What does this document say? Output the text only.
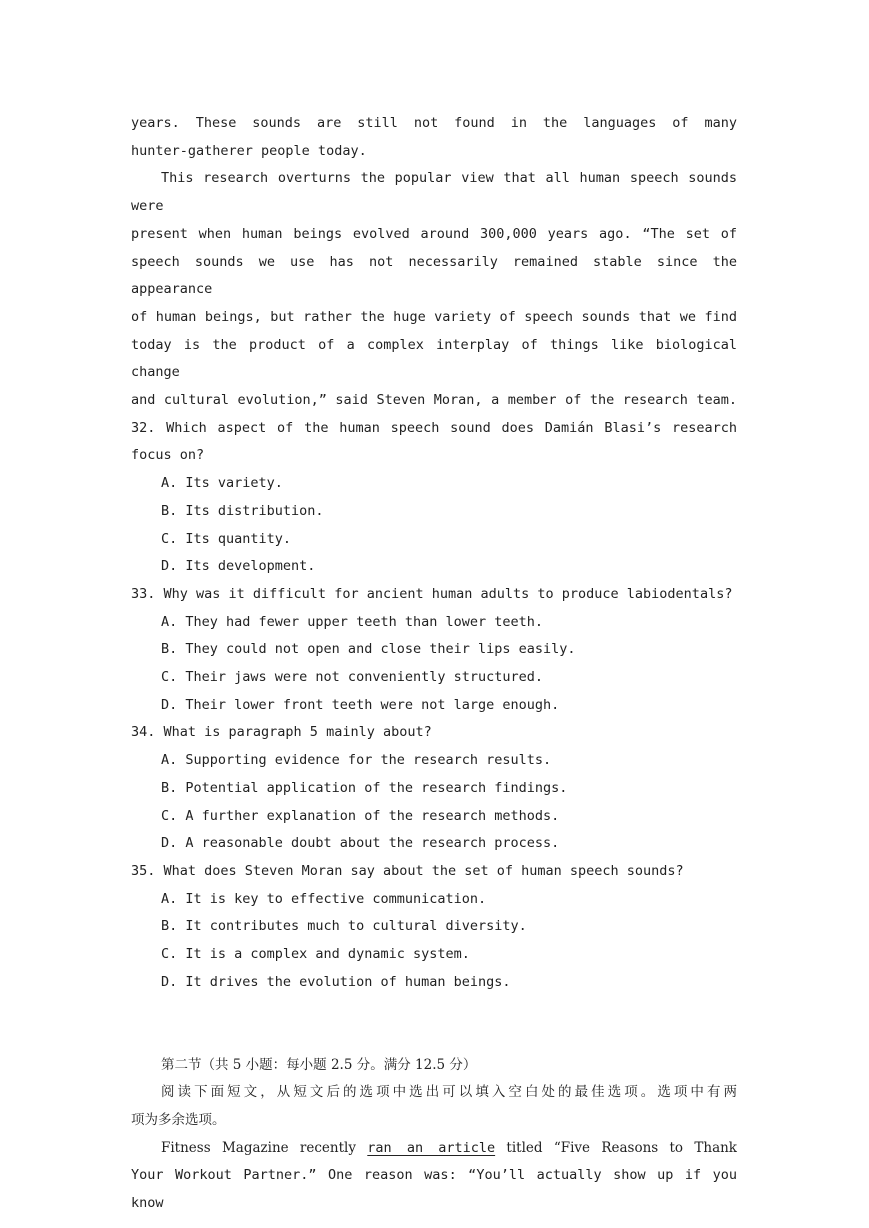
years. These sounds are still not found in the languages of many

hunter-gatherer people today.

This research overturns the popular view that all human speech sounds were

present when human beings evolved around 300,000 years ago. “The set of

speech sounds we use has not necessarily remained stable since the appearance

of human beings, but rather the huge variety of speech sounds that we find

today is the product of a complex interplay of things like biological change

and cultural evolution,” said Steven Moran, a member of the research team.

32. Which aspect of the human speech sound does Damián Blasi’s research

focus on?

A. Its variety.

B. Its distribution.

C. Its quantity.

D. Its development.

33. Why was it difficult for ancient human adults to produce labiodentals?

A. They had fewer upper teeth than lower teeth.

B. They could not open and close their lips easily.

C. Their jaws were not conveniently structured.

D. Their lower front teeth were not large enough.

34. What is paragraph 5 mainly about?

A. Supporting evidence for the research results.

B. Potential application of the research findings.

C. A further explanation of the research methods.

D. A reasonable doubt about the research process.

35. What does Steven Moran say about the set of human speech sounds?

A. It is key to effective communication.

B. It contributes much to cultural diversity.

C. It is a complex and dynamic system.

D. It drives the evolution of human beings.

第二节（共 5 小题：每小题 2.5 分。满分 12.5 分）

阅读下面短文，从短文后的选项中选出可以填入空白处的最佳选项。选项中有两

项为多余选项。

Fitness Magazine recently ran an article titled “Five Reasons to Thank

Your Workout Partner.” One reason was: “You’ll actually show up if you know
